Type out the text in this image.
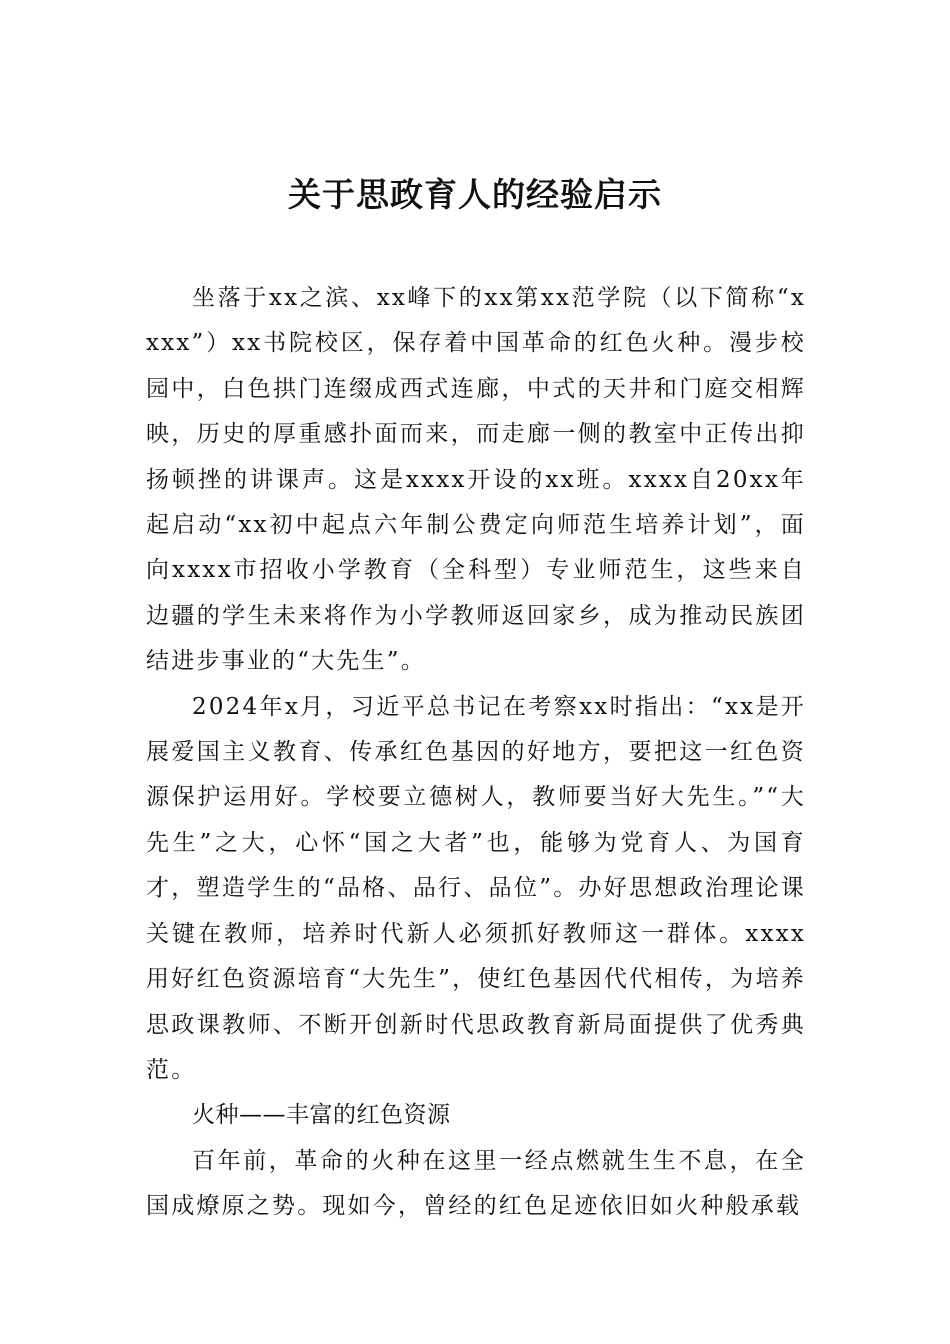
关于思政育人的经验启示

坐落于xx之滨、xx峰下的xx第xx范学院（以下简称“xxxx”）xx书院校区，保存着中国革命的红色火种。漫步校园中，白色拱门连缀成西式连廊，中式的天井和门庭交相辉映，历史的厚重感扑面而来，而走廊一侧的教室中正传出抑扬顿挫的讲课声。这是xxxx开设的xx班。xxxx自20xx年起启动“xx初中起点六年制公费定向师范生培养计划”，面向xxxx市招收小学教育（全科型）专业师范生，这些来自边疆的学生未来将作为小学教师返回家乡，成为推动民族团结进步事业的“大先生”。

2024年x月，习近平总书记在考察xx时指出：“xx是开展爱国主义教育、传承红色基因的好地方，要把这一红色资源保护运用好。学校要立德树人，教师要当好大先生。”“大先生”之大，心怀“国之大者”也，能够为党育人、为国育才，塑造学生的“品格、品行、品位”。办好思想政治理论课关键在教师，培养时代新人必须抓好教师这一群体。xxxx用好红色资源培育“大先生”，使红色基因代代相传，为培养思政课教师、不断开创新时代思政教育新局面提供了优秀典范。

火种——丰富的红色资源

百年前，革命的火种在这里一经点燃就生生不息，在全国成燎原之势。现如今，曾经的红色足迹依旧如火种般承载
